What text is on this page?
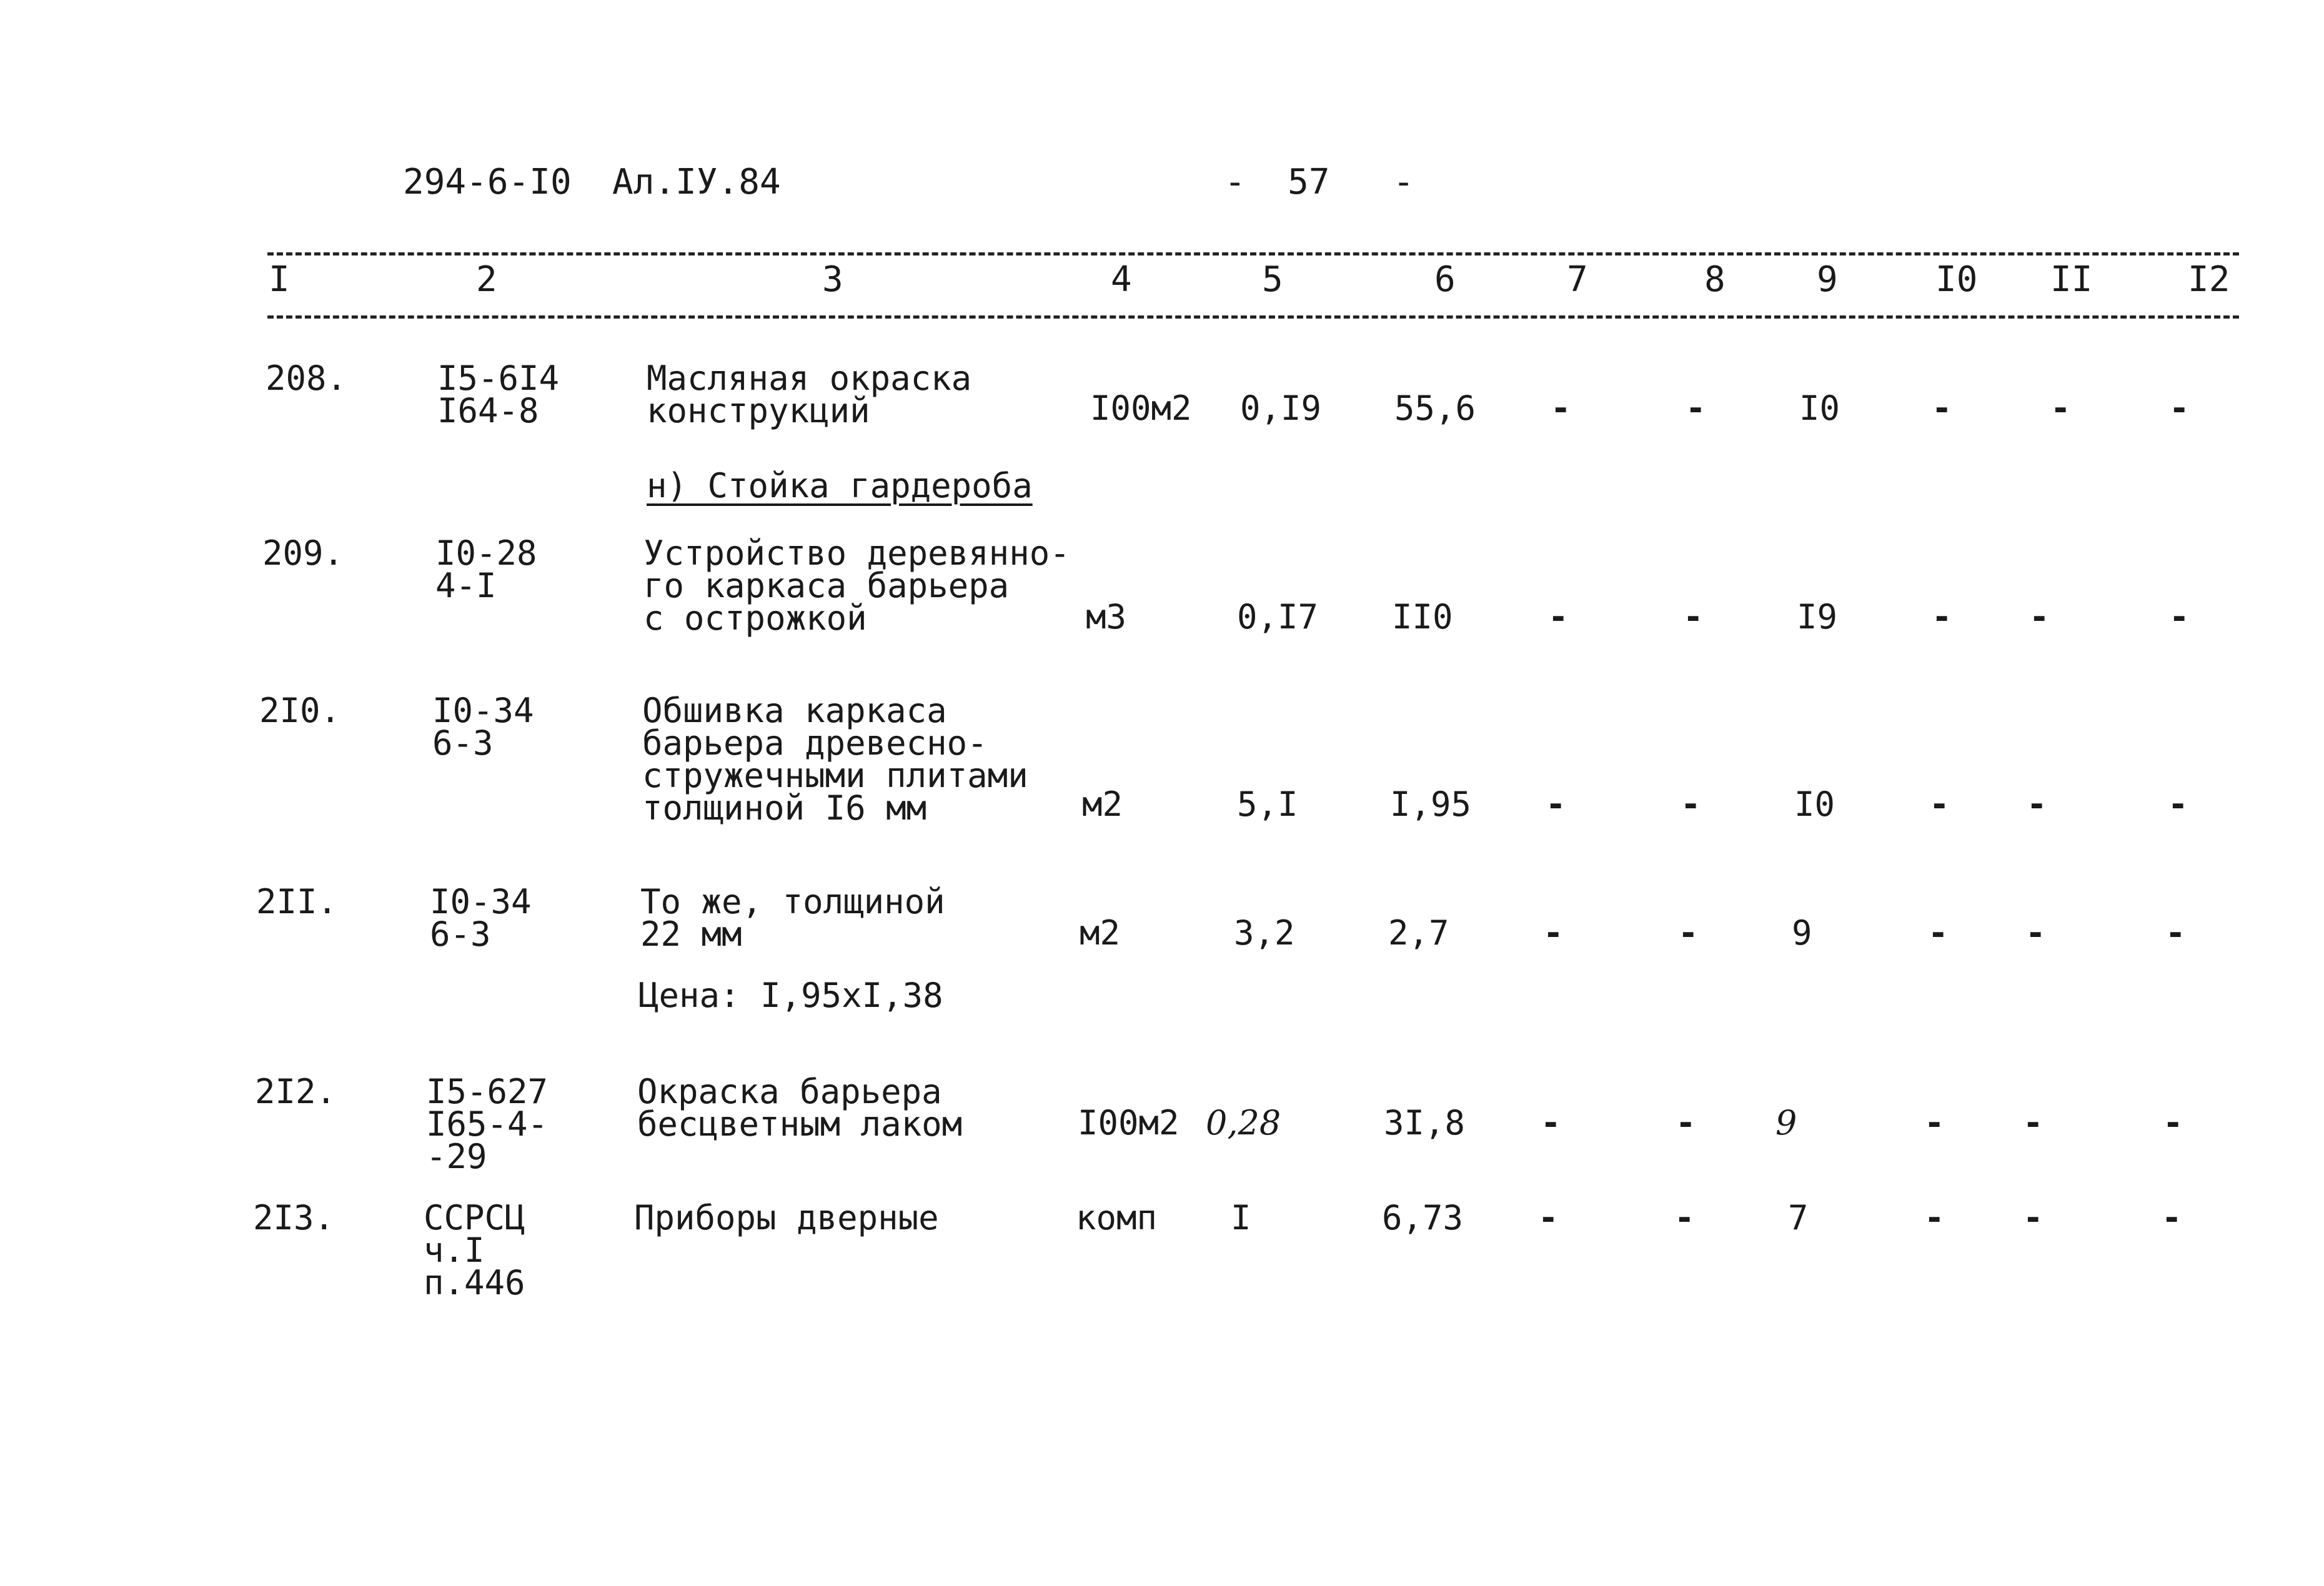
294-6-I0 Ал.IУ.84	-  57   -
I	2	3	4	5	6	7	8	9	I0 II	I2
208.	I5-6I4
I64-8
Масляная окраска
конструкций	I00м2 0,I9 55,6 -	-	I0	-	-	-
н) Стойка гардероба
209.	I0-28
4-I
Устройство деревянно-
го каркаса барьера
с острожкой	м3	0,I7 II0	-	-	I9	- -	-
2I0.	I0-34
6-3
Обшивка каркаса
барьера древесно-
стружечными плитами
толщиной I6 мм	м2	5,I	I,95 -	-	I0	- -	-
2II.	I0-34
6-3
То же, толщиной
22 мм	м2	3,2	2,7	-	-	9	- -	-
Цена: I,95хI,38
2I2.	I5-627
I65-4-
-29
Окраска барьера
бесцветным лаком	I00м2 0,28	3I,8 -	- 9	- -	-
2I3.	ССРСЦ
ч.I
п.446
Приборы дверные	комп I	6,73 -	-	7	- -	-
